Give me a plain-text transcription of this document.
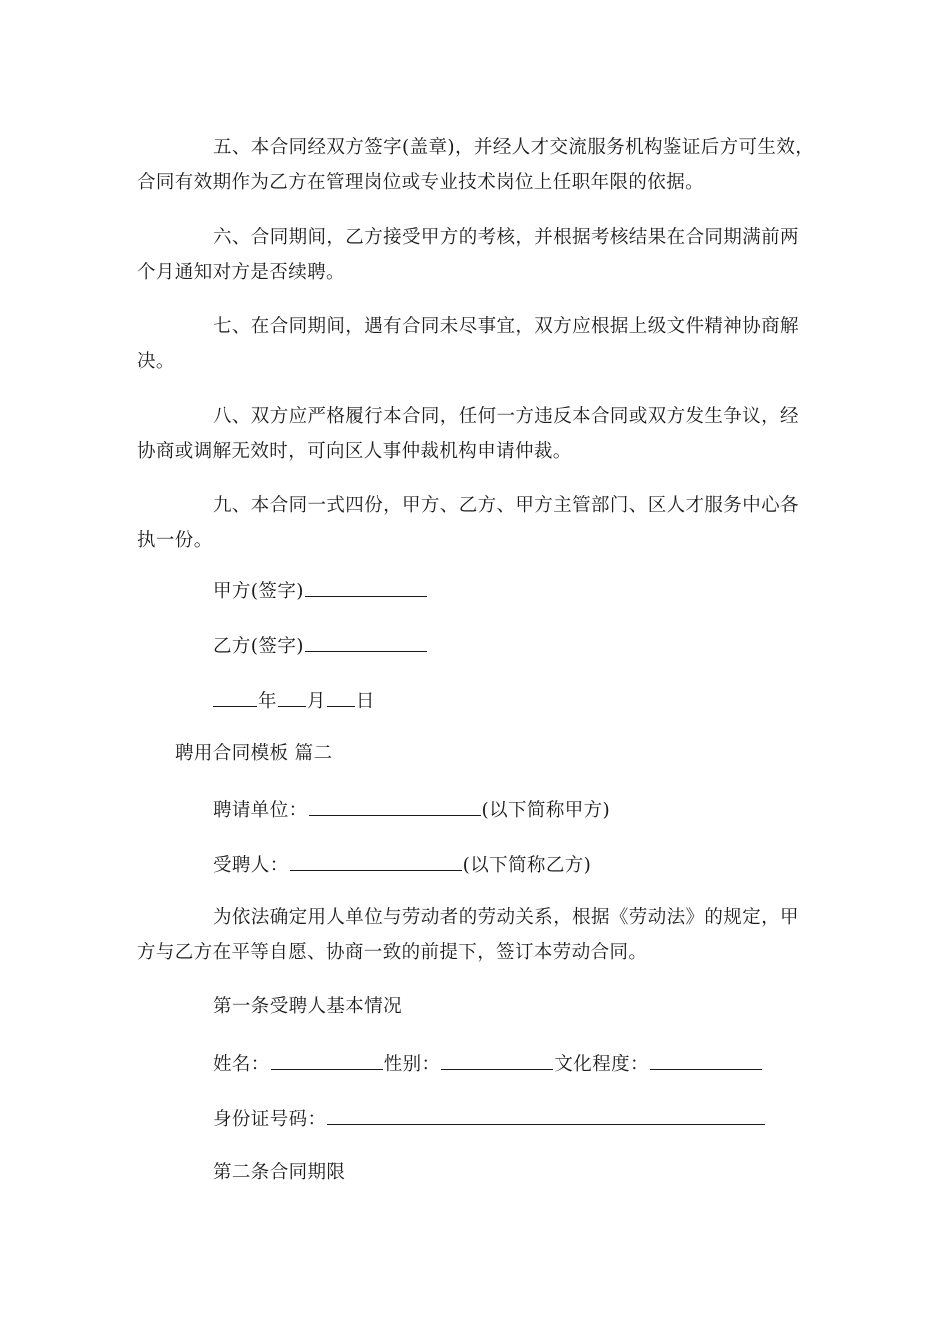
五、本合同经双方签字(盖章)，并经人才交流服务机构鉴证后方可生效，
合同有效期作为乙方在管理岗位或专业技术岗位上任职年限的依据。
六、合同期间，乙方接受甲方的考核，并根据考核结果在合同期满前两
个月通知对方是否续聘。
七、在合同期间，遇有合同未尽事宜，双方应根据上级文件精神协商解
决。
八、双方应严格履行本合同，任何一方违反本合同或双方发生争议，经
协商或调解无效时，可向区人事仲裁机构申请仲裁。
九、本合同一式四份，甲方、乙方、甲方主管部门、区人才服务中心各
执一份。
甲方(签字)
乙方(签字)
年 月 日
聘用合同模板 篇二
聘请单位：	(以下简称甲方)
受聘人：	(以下简称乙方)
为依法确定用人单位与劳动者的劳动关系，根据《劳动法》的规定，甲
方与乙方在平等自愿、协商一致的前提下，签订本劳动合同。
第一条受聘人基本情况
姓名：	性别：	文化程度：
身份证号码：
第二条合同期限
